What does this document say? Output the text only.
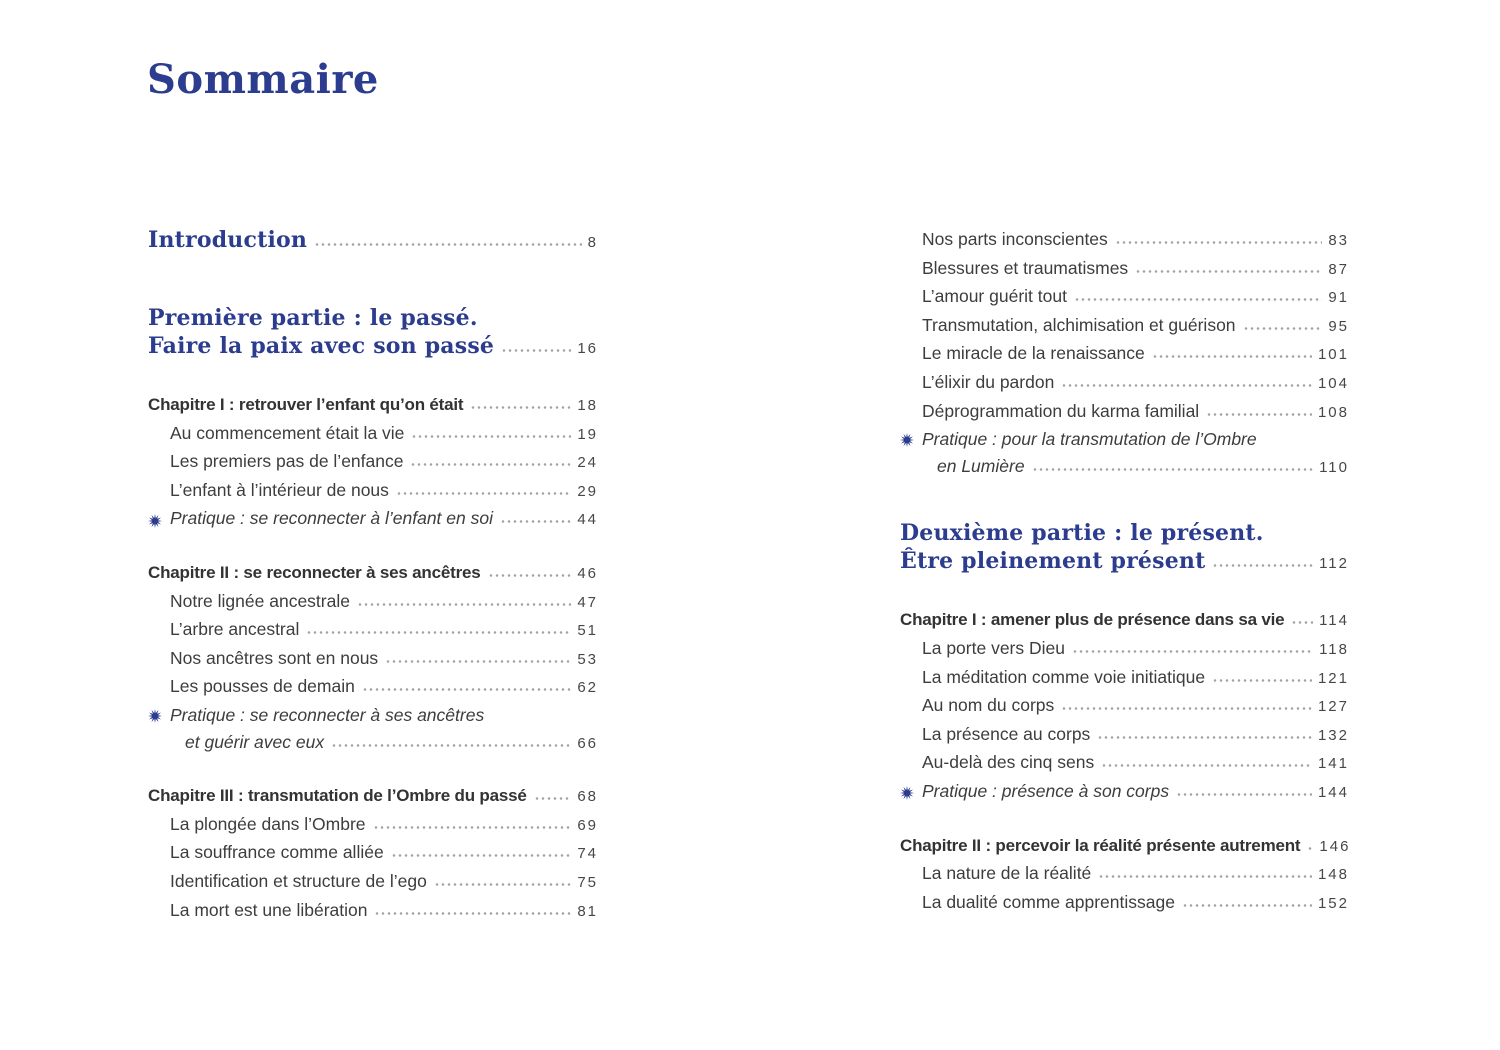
Sommaire
Introduction	8
Première partie : le passé.
Faire la paix avec son passé	16
Chapitre I : retrouver l’enfant qu’on était	18
Au commencement était la vie	19
Les premiers pas de l’enfance	24
L’enfant à l’intérieur de nous	29
Pratique : se reconnecter à l’enfant en soi	44
Chapitre II : se reconnecter à ses ancêtres	46
Notre lignée ancestrale	47
L’arbre ancestral	51
Nos ancêtres sont en nous	53
Les pousses de demain	62
Pratique : se reconnecter à ses ancêtres
et guérir avec eux	66
Chapitre III : transmutation de l’Ombre du passé	68
La plongée dans l’Ombre	69
La souffrance comme alliée	74
Identification et structure de l’ego	75
La mort est une libération	81
Nos parts inconscientes	83
Blessures et traumatismes	87
L’amour guérit tout	91
Transmutation, alchimisation et guérison	95
Le miracle de la renaissance	101
L’élixir du pardon	104
Déprogrammation du karma familial	108
Pratique : pour la transmutation de l’Ombre
en Lumière	110
Deuxième partie : le présent.
Être pleinement présent	112
Chapitre I : amener plus de présence dans sa vie 114
La porte vers Dieu	118
La méditation comme voie initiatique	121
Au nom du corps	127
La présence au corps	132
Au-delà des cinq sens	141
Pratique : présence à son corps	144
Chapitre II : percevoir la réalité présente autrement 146
La nature de la réalité	148
La dualité comme apprentissage	152
